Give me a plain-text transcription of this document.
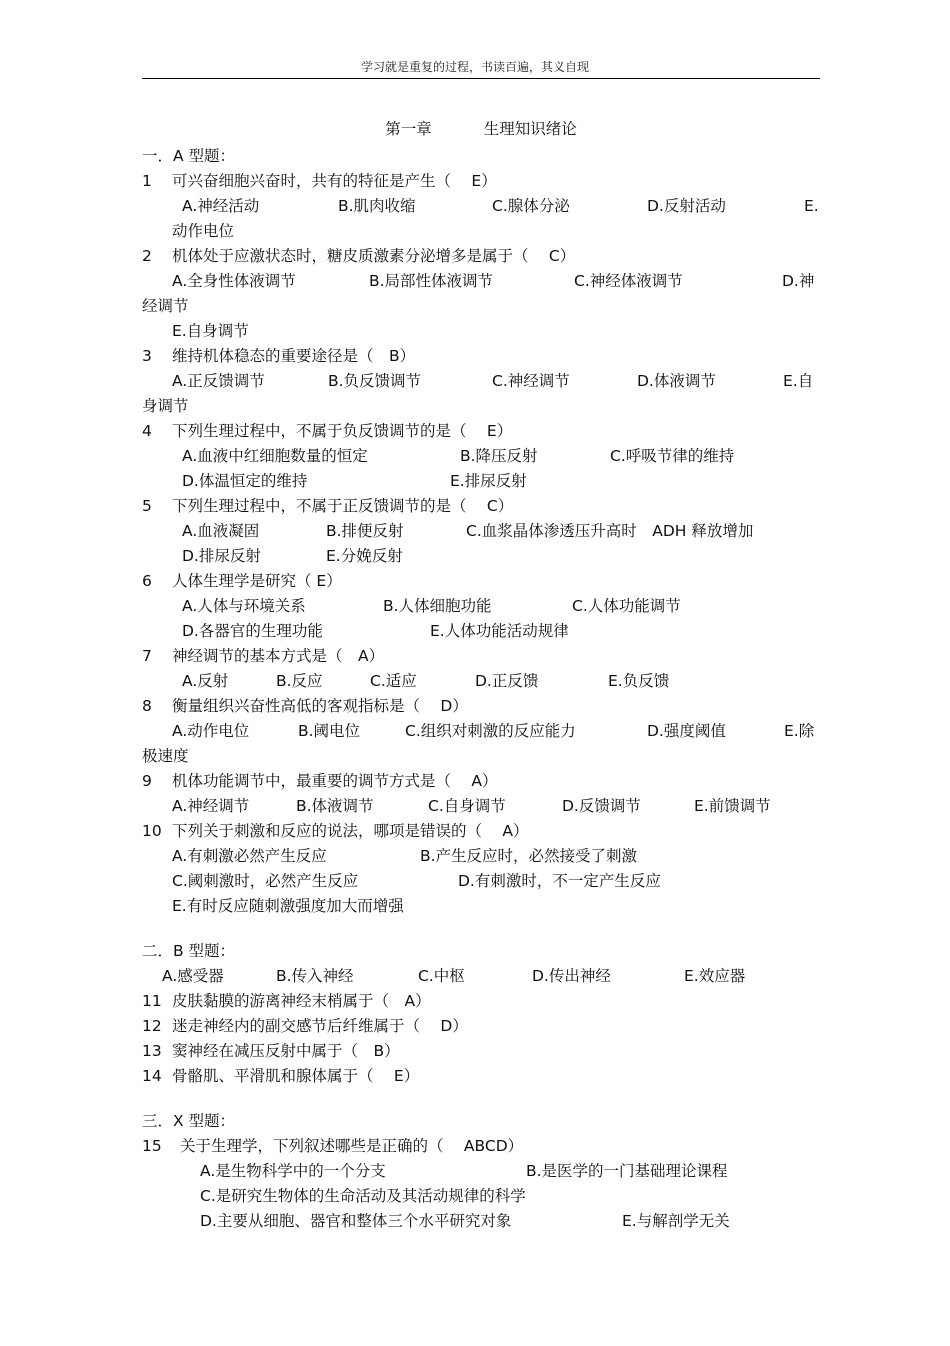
学习就是重复的过程，书读百遍，其义自现
第一章	生理知识绪论
一．A 型题：
1 可兴奋细胞兴奋时，共有的特征是产生（　 E）
A.神经活动	B.肌肉收缩	C.腺体分泌	D.反射活动	E.
动作电位
2 机体处于应激状态时，糖皮质激素分泌增多是属于（　 C）
A.全身性体液调节	B.局部性体液调节	C.神经体液调节	D.神
经调节
E.自身调节
3 维持机体稳态的重要途径是（　B）
A.正反馈调节	B.负反馈调节	C.神经调节	D.体液调节	E.自
身调节
4 下列生理过程中，不属于负反馈调节的是（　 E）
A.血液中红细胞数量的恒定	B.降压反射	C.呼吸节律的维持
D.体温恒定的维持	E.排尿反射
5 下列生理过程中，不属于正反馈调节的是（　 C）
A.血液凝固	B.排便反射	C.血浆晶体渗透压升高时　ADH 释放增加
D.排尿反射	E.分娩反射
6 人体生理学是研究（ E）
A.人体与环境关系	B.人体细胞功能	C.人体功能调节
D.各器官的生理功能	E.人体功能活动规律
7 神经调节的基本方式是（　A）
A.反射	B.反应	C.适应	D.正反馈	E.负反馈
8 衡量组织兴奋性高低的客观指标是（　 D）
A.动作电位	B.阈电位	C.组织对刺激的反应能力	D.强度阈值	E.除
极速度
9 机体功能调节中，最重要的调节方式是（　 A）
A.神经调节	B.体液调节	C.自身调节	D.反馈调节	E.前馈调节
10 下列关于刺激和反应的说法，哪项是错误的（　 A）
A.有刺激必然产生反应	B.产生反应时，必然接受了刺激
C.阈刺激时，必然产生反应	D.有刺激时，不一定产生反应
E.有时反应随刺激强度加大而增强
二．B 型题：
A.感受器	B.传入神经	C.中枢	D.传出神经	E.效应器
11 皮肤黏膜的游离神经末梢属于（　A）
12 迷走神经内的副交感节后纤维属于（　 D）
13 窦神经在减压反射中属于（　B）
14 骨骼肌、平滑肌和腺体属于（　 E）
三．X 型题：
15 关于生理学，下列叙述哪些是正确的（　 ABCD）
A.是生物科学中的一个分支	B.是医学的一门基础理论课程
C.是研究生物体的生命活动及其活动规律的科学
D.主要从细胞、器官和整体三个水平研究对象	E.与解剖学无关
